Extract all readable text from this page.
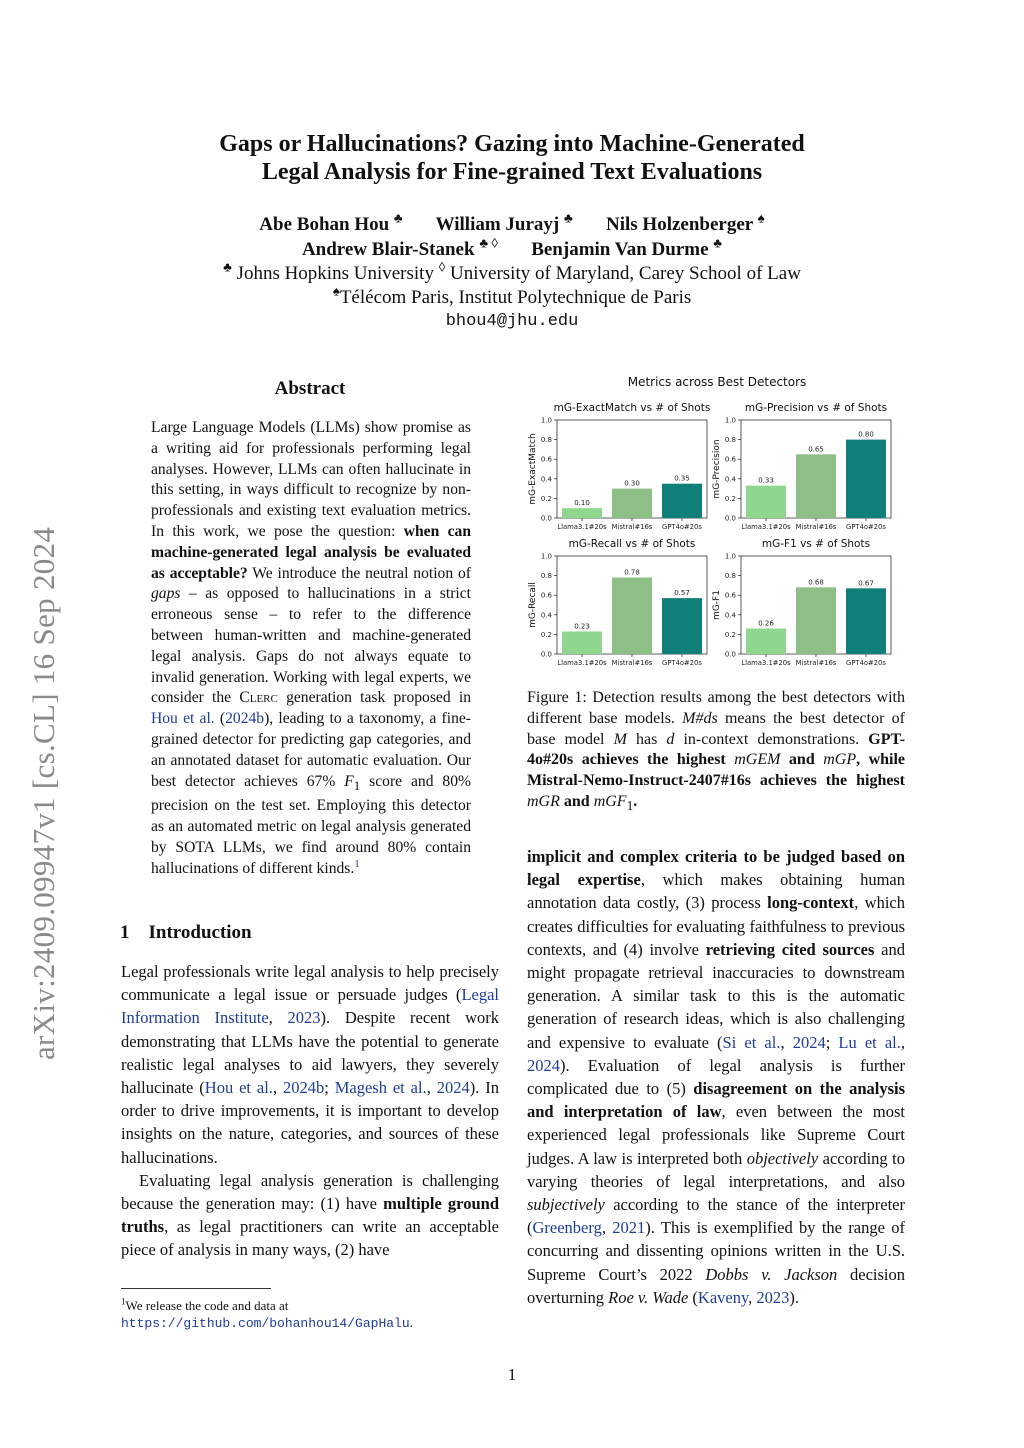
arXiv:2409.09947v1 [cs.CL] 16 Sep 2024
Gaps or Hallucinations? Gazing into Machine-Generated
Legal Analysis for Fine-grained Text Evaluations
Abe Bohan Hou ♣ William Jurayj ♣ Nils Holzenberger ♠
Andrew Blair-Stanek ♣ ◊ Benjamin Van Durme ♣
♣ Johns Hopkins University ◊ University of Maryland, Carey School of Law
♠Télécom Paris, Institut Polytechnique de Paris
bhou4@jhu.edu
Abstract
Large Language Models (LLMs) show promise as a writing aid for professionals performing legal analyses. However, LLMs can often hallucinate in this setting, in ways difficult to recognize by non-professionals and existing text evaluation metrics. In this work, we pose the question: when can machine-generated legal analysis be evaluated as acceptable? We introduce the neutral notion of gaps – as opposed to hallucinations in a strict erroneous sense – to refer to the difference between human-written and machine-generated legal analysis. Gaps do not always equate to invalid generation. Working with legal experts, we consider the Clerc generation task proposed in Hou et al. (2024b), leading to a taxonomy, a fine-grained detector for predicting gap categories, and an annotated dataset for automatic evaluation. Our best detector achieves 67% $F_1$ score and 80% precision on the test set. Employing this detector as an automated metric on legal analysis generated by SOTA LLMs, we find around 80% contain hallucinations of different kinds.$^1$
1 Introduction

Legal professionals write legal analysis to help precisely communicate a legal issue or persuade judges (Legal Information Institute, 2023). Despite recent work demonstrating that LLMs have the potential to generate realistic legal analyses to aid lawyers, they severely hallucinate (Hou et al., 2024b; Magesh et al., 2024). In order to drive improvements, it is important to develop insights on the nature, categories, and sources of these hallucinations.

Evaluating legal analysis generation is challenging because the generation may: (1) have multiple ground truths, as legal practitioners can write an acceptable piece of analysis in many ways, (2) have

$^1$We release the code and data at https://github.com/bohanhou14/GapHalu.
Metrics across Best Detectors
mG-ExactMatch vs # of Shots
0.0
0.2
0.4
0.6
0.8
1.0
mG-ExactMatch	0.10
Llama3.1#20s
0.30
Mistral#16s
0.35
GPT4o#20s
mG-Precision vs # of Shots
0.0
0.2
0.4
0.6
0.8
1.0
mG-Precision	0.33
Llama3.1#20s
0.65
Mistral#16s
0.80
GPT4o#20s
mG-Recall vs # of Shots
0.0
0.2
0.4
0.6
0.8
1.0
mG-Recall	0.23
Llama3.1#20s
0.78
Mistral#16s
0.57
GPT4o#20s
mG-F1 vs # of Shots
0.0
0.2
0.4
0.6
0.8
1.0
mG-F1
0.26
Llama3.1#20s
0.68
Mistral#16s
0.67
GPT4o#20s
Figure 1: Detection results among the best detectors with different base models. M#ds means the best detector of base model M has d in-context demonstrations. GPT-4o#20s achieves the highest mGEM and mGP, while Mistral-Nemo-Instruct-2407#16s achieves the highest mGR and mGF$_1$.
implicit and complex criteria to be judged based on legal expertise, which makes obtaining human annotation data costly, (3) process long-context, which creates difficulties for evaluating faithfulness to previous contexts, and (4) involve retrieving cited sources and might propagate retrieval inaccuracies to downstream generation. A similar task to this is the automatic generation of research ideas, which is also challenging and expensive to evaluate (Si et al., 2024; Lu et al., 2024). Evaluation of legal analysis is further complicated due to (5) disagreement on the analysis and interpretation of law, even between the most experienced legal professionals like Supreme Court judges. A law is interpreted both objectively according to varying theories of legal interpretations, and also subjectively according to the stance of the interpreter (Greenberg, 2021). This is exemplified by the range of concurring and dissenting opinions written in the U.S. Supreme Court’s 2022 Dobbs v. Jackson decision overturning Roe v. Wade (Kaveny, 2023).
1
